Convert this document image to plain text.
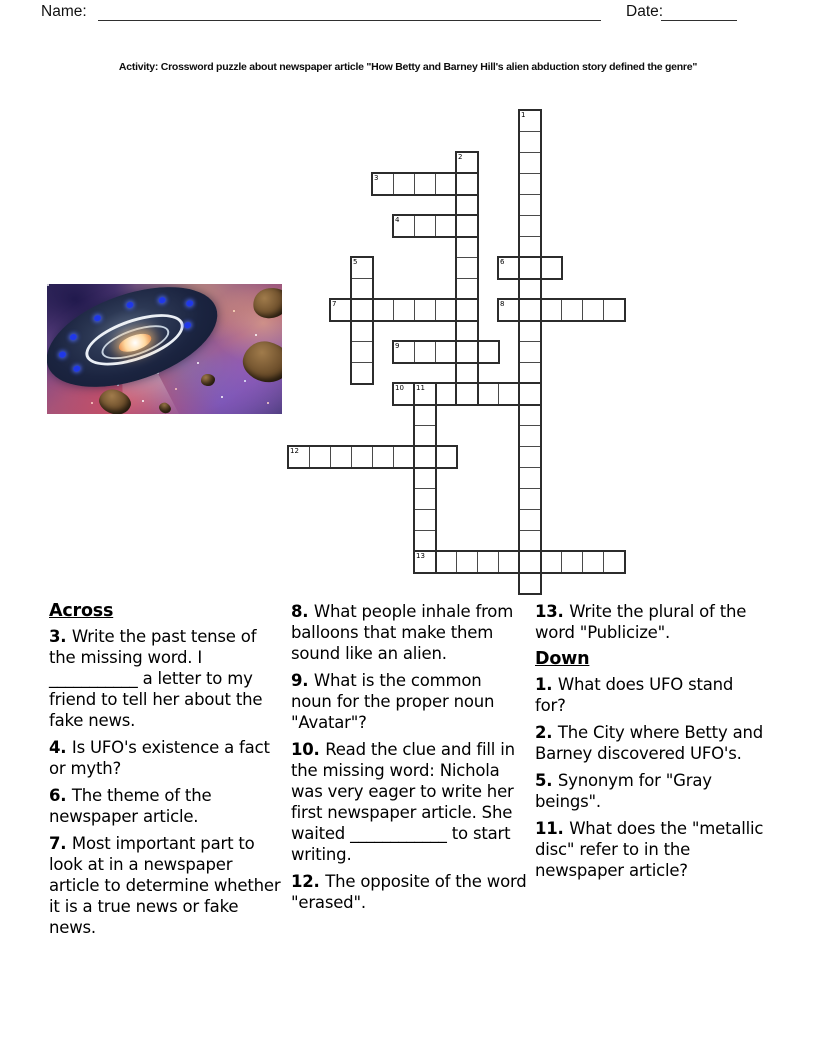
Name:	Date:
Activity: Crossword puzzle about newspaper article "How Betty and Barney Hill's alien abduction story defined the genre"
1
2
3
4
5	6
7	8
9
10 11
12
13
Across

3. Write the past tense of the missing word. I ___________ a letter to my friend to tell her about the fake news.

4. Is UFO's existence a fact or myth?

6. The theme of the newspaper article.

7. Most important part to look at in a newspaper article to determine whether it is a true news or fake news.

8. What people inhale from balloons that make them sound like an alien.

9. What is the common noun for the proper noun "Avatar"?

10. Read the clue and fill in the missing word: Nichola was very eager to write her first newspaper article. She waited ____________ to start writing.

12. The opposite of the word "erased".

13. Write the plural of the word "Publicize".

Down

1. What does UFO stand for?

2. The City where Betty and Barney discovered UFO's.

5. Synonym for "Gray beings".

11. What does the "metallic disc" refer to in the newspaper article?
